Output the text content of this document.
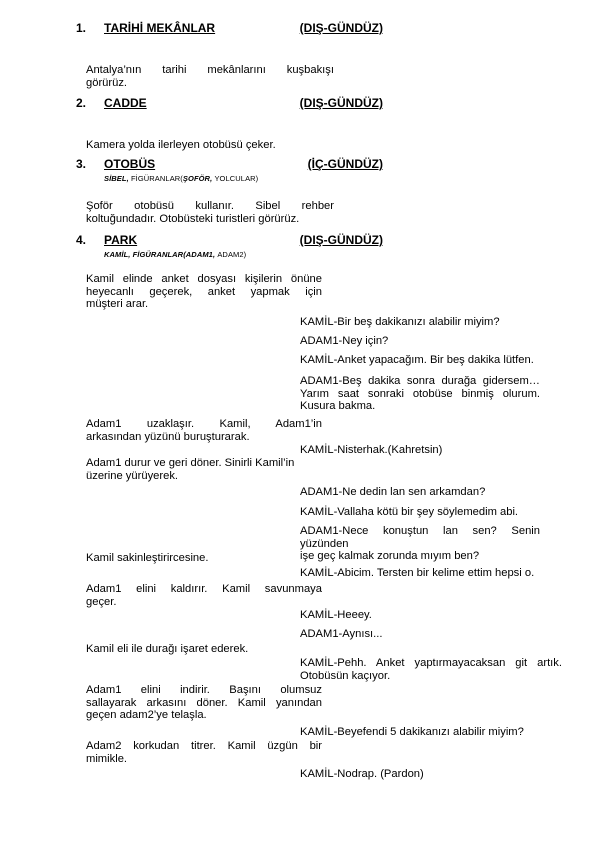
1. TARİHİ MEKÂNLAR	(DIŞ-GÜNDÜZ)
Antalya’nın tarihi mekânlarını kuşbakışı
görürüz.
2. CADDE	(DIŞ-GÜNDÜZ)
Kamera yolda ilerleyen otobüsü çeker.
3. OTOBÜS	(İÇ-GÜNDÜZ)
SİBEL, FİGÜRANLAR(ŞOFÖR, YOLCULAR)
Şoför otobüsü kullanır. Sibel rehber
koltuğundadır. Otobüsteki turistleri görürüz.
4. PARK	(DIŞ-GÜNDÜZ)
KAMİL, FİGÜRANLAR(ADAM1, ADAM2)
Kamil elinde anket dosyası kişilerin önüne
heyecanlı geçerek, anket yapmak için
müşteri arar.
KAMİL-Bir beş dakikanızı alabilir miyim?
ADAM1-Ney için?
KAMİL-Anket yapacağım. Bir beş dakika lütfen.
ADAM1-Beş dakika sonra durağa gidersem…
Yarım saat sonraki otobüse binmiş olurum.
Kusura bakma.
Adam1 uzaklaşır. Kamil, Adam1’in
arkasından yüzünü buruşturarak.
KAMİL-Nisterhak.(Kahretsin)
Adam1 durur ve geri döner. Sinirli Kamil’in
üzerine yürüyerek.
ADAM1-Ne dedin lan sen arkamdan?
KAMİL-Vallaha kötü bir şey söylemedim abi.
ADAM1-Nece konuştun lan sen? Senin yüzünden
işe geç kalmak zorunda mıyım ben?
Kamil sakinleştirircesine.
KAMİL-Abicim. Tersten bir kelime ettim hepsi o.
Adam1 elini kaldırır. Kamil savunmaya
geçer.
KAMİL-Heeey.
ADAM1-Aynısı...
Kamil eli ile durağı işaret ederek.
KAMİL-Pehh. Anket yaptırmayacaksan git artık.
Otobüsün kaçıyor.
Adam1 elini indirir. Başını olumsuz
sallayarak arkasını döner. Kamil yanından
geçen adam2’ye telaşla.
KAMİL-Beyefendi 5 dakikanızı alabilir miyim?
Adam2 korkudan titrer. Kamil üzgün bir
mimikle.
KAMİL-Nodrap. (Pardon)
